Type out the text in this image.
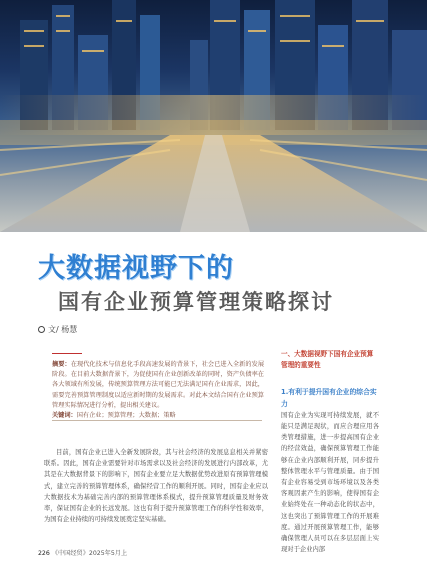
大数据视野下的
国有企业预算管理策略探讨
文/ 杨慧
摘要：在现代化技术与信息化手段高速发展的背景下，社会已进入全新的发展阶段。在目前大数据背景下，为促使国有企业创新改革的同时，资产负债率在各大领域有所发展，传统预算管理方法可能已无法满足国有企业需求，因此，需要完善预算管理制度以适应新时期的发展需求。对此本文结合国有企业预算管理实际情况进行分析，提出相关建议。
关键词：国有企业；预算管理；大数据；策略
目前，国有企业已进入全新发展阶段，其与社会经济的发展息息相关并紧密联系。因此，国有企业需要针对市场需求以及社会经济的发展进行内部改革，尤其是在大数据背景下的影响下，国有企业要立足大数据优势改进原有预算管理模式，建立完善的预算管理体系，确保经营工作的顺利开展。同时，国有企业应以大数据技术为基础完善内部的预算管理体系模式，提升预算管理质量及财务效率，保证国有企业的长远发展。这也有利于提升预算管理工作的科学性和效率，为国有企业持续的可持续发展奠定坚实基础。
一、大数据视野下国有企业预算管理的重要性
1.有利于提升国有企业的综合实力
国有企业为实现可持续发展，就不能只是满足现状，而应合理应用各类管理措施，进一步提高国有企业的经营效益，确保预算管理工作能够在企业内部顺利开展，同步提升整体管理水平与管理质量。由于国有企业容易受到市场环境以及各类客观因素产生的影响，使得国有企业始终处在一种动态化的状态中，这也突出了预算管理工作的开展难度。通过开展预算管理工作，能够确保管理人员可以在多层层面上实现对于企业内部
226 《中国经贸》2025年5月上
